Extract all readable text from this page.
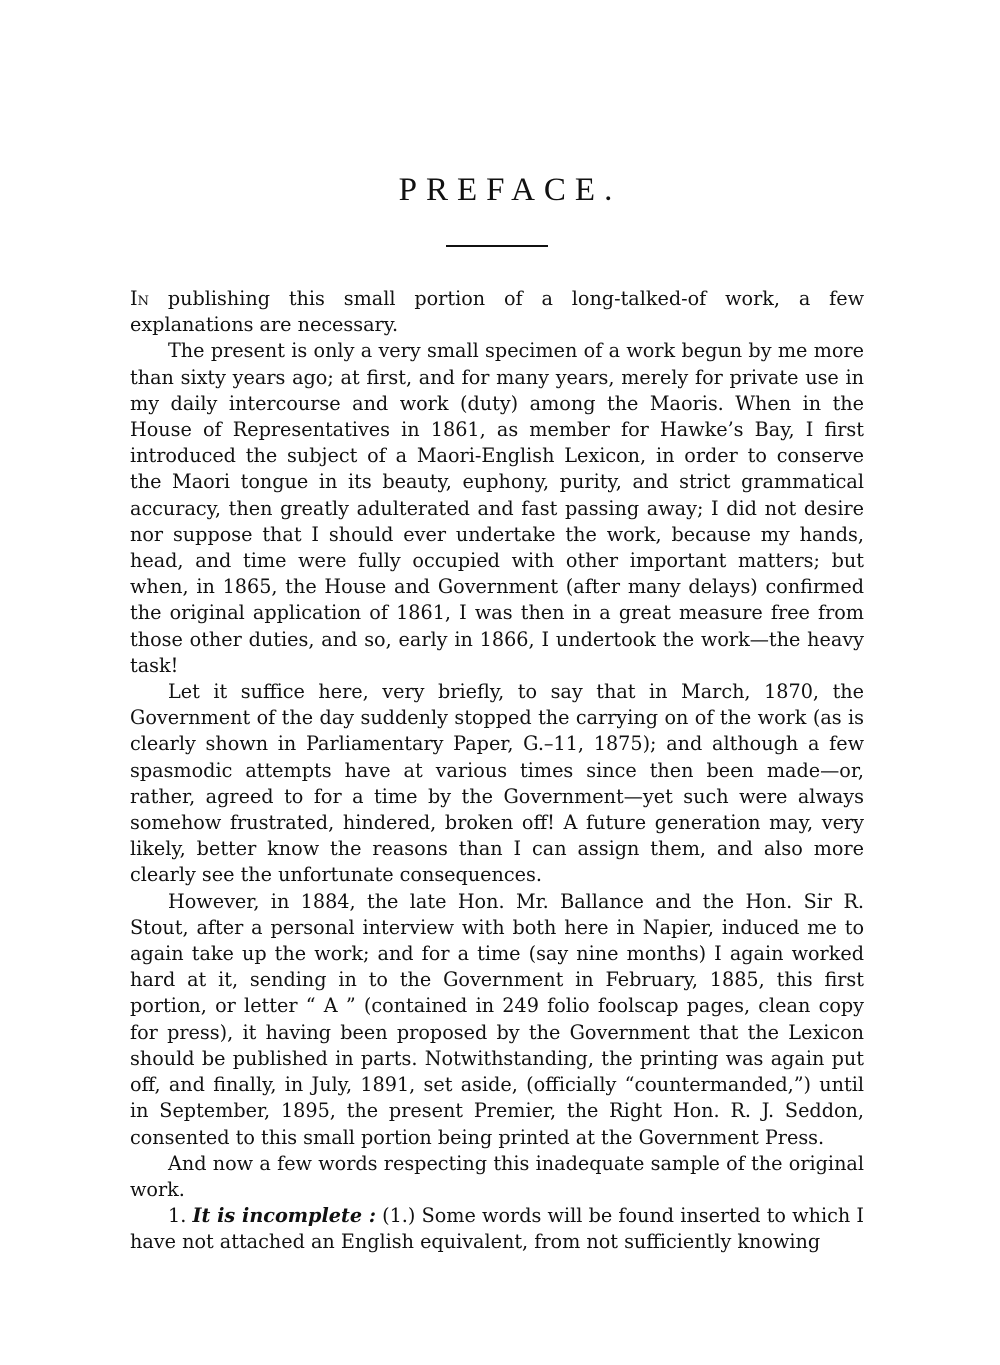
PREFACE.

In publishing this small portion of a long-talked-of work, a few explanations are necessary.

The present is only a very small specimen of a work begun by me more than sixty years ago; at first, and for many years, merely for private use in my daily intercourse and work (duty) among the Maoris. When in the House of Representatives in 1861, as member for Hawke’s Bay, I first introduced the subject of a Maori-English Lexicon, in order to conserve the Maori tongue in its beauty, euphony, purity, and strict grammatical accuracy, then greatly adulterated and fast passing away; I did not desire nor suppose that I should ever undertake the work, because my hands, head, and time were fully occupied with other important matters; but when, in 1865, the House and Government (after many delays) confirmed the original application of 1861, I was then in a great measure free from those other duties, and so, early in 1866, I undertook the work—the heavy task!

Let it suffice here, very briefly, to say that in March, 1870, the Government of the day suddenly stopped the carrying on of the work (as is clearly shown in Parliamentary Paper, G.–11, 1875); and although a few spasmodic attempts have at various times since then been made—or, rather, agreed to for a time by the Government—yet such were always somehow frustrated, hindered, broken off! A future generation may, very likely, better know the reasons than I can assign them, and also more clearly see the unfortunate consequences.

However, in 1884, the late Hon. Mr. Ballance and the Hon. Sir R. Stout, after a personal interview with both here in Napier, induced me to again take up the work; and for a time (say nine months) I again worked hard at it, sending in to the Government in February, 1885, this first portion, or letter “ A ” (contained in 249 folio foolscap pages, clean copy for press), it having been proposed by the Government that the Lexicon should be published in parts. Notwithstanding, the printing was again put off, and finally, in July, 1891, set aside, (officially “countermanded,”) until in September, 1895, the present Premier, the Right Hon. R. J. Seddon, consented to this small portion being printed at the Government Press.

And now a few words respecting this inadequate sample of the original work.

1. It is incomplete : (1.) Some words will be found inserted to which I have not attached an English equivalent, from not sufficiently knowing
